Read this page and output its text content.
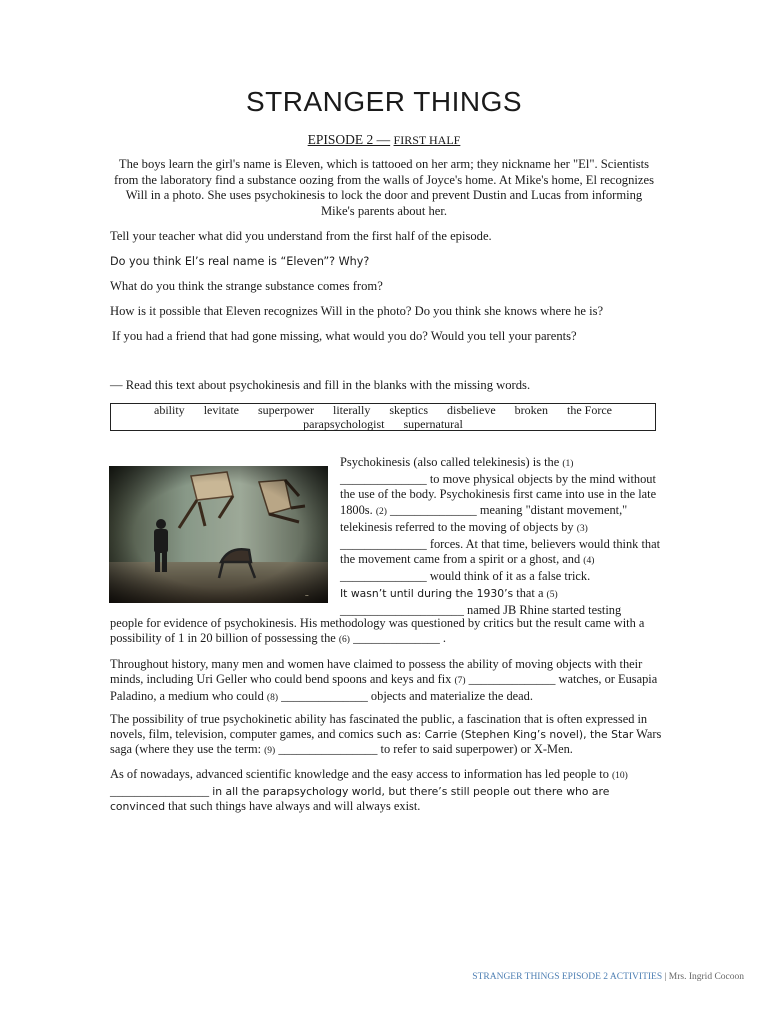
STRANGER THINGS
EPISODE 2 — FIRST HALF
The boys learn the girl's name is Eleven, which is tattooed on her arm; they nickname her "El". Scientists from the laboratory find a substance oozing from the walls of Joyce's home. At Mike's home, El recognizes Will in a photo. She uses psychokinesis to lock the door and prevent Dustin and Lucas from informing Mike's parents about her.
Tell your teacher what did you understand from the first half of the episode.
Do you think El’s real name is “Eleven”? Why?
What do you think the strange substance comes from?
How is it possible that Eleven recognizes Will in the photo? Do you think she knows where he is?
If you had a friend that had gone missing, what would you do? Would you tell your parents?
— Read this text about psychokinesis and fill in the blanks with the missing words.
ability levitate superpower literally skeptics disbelieve broken the Force
parapsychologist supernatural
~
Psychokinesis (also called telekinesis) is the (1) ______________ to move physical objects by the mind without the use of the body. Psychokinesis first came into use in the late 1800s. (2) ______________ meaning "distant movement," telekinesis referred to the moving of objects by (3) ______________ forces. At that time, believers would think that the movement came from a spirit or a ghost, and (4) ______________ would think of it as a false trick.
It wasn’t until during the 1930’s that a (5) ____________________ named JB Rhine started testing
people for evidence of psychokinesis. His methodology was questioned by critics but the result came with a possibility of 1 in 20 billion of possessing the (6) ______________ .
Throughout history, many men and women have claimed to possess the ability of moving objects with their minds, including Uri Geller who could bend spoons and keys and fix (7) ______________ watches, or Eusapia Paladino, a medium who could (8) ______________ objects and materialize the dead.
The possibility of true psychokinetic ability has fascinated the public, a fascination that is often expressed in novels, film, television, computer games, and comics such as: Carrie (Stephen King’s novel), the Star Wars saga (where they use the term: (9) ________________ to refer to said superpower) or X-Men.
As of nowadays, advanced scientific knowledge and the easy access to information has led people to (10) ________________ in all the parapsychology world, but there’s still people out there who are convinced that such things have always and will always exist.
STRANGER THINGS EPISODE 2 ACTIVITIES | Mrs. Ingrid Cocoon
